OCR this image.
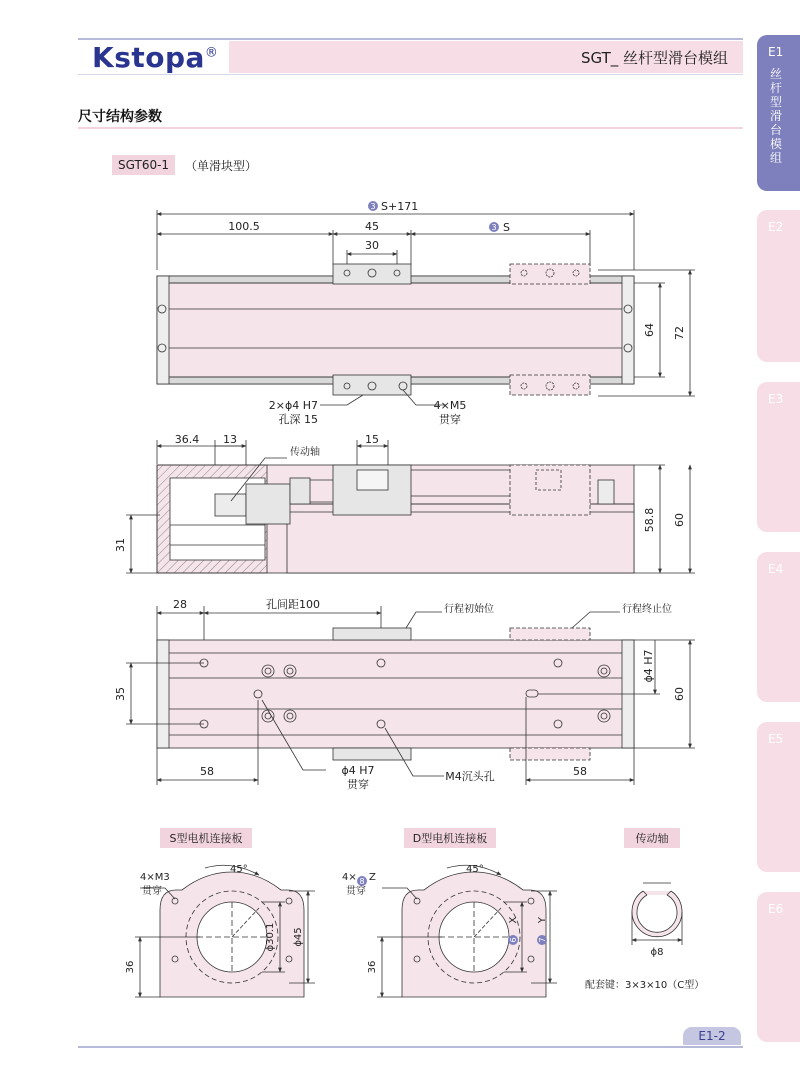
Kstopa®	SGT_ 丝杆型滑台模组
尺寸结构参数
SGT60-1	（单滑块型）
E1
丝杆型滑台模组
E2
E3
E4
E5
E6
3
3
8
6	7
S+171
100.5	45
30
S
64 72
2×ϕ4 H7
孔深 15
4×M5
贯穿
36.4 13
传动轴
15
58.8 60
31
28	孔间距100	行程初始位	行程终止位
ϕ4 H7
60
35
58	58
ϕ4 H7
贯穿
M4沉头孔
4×M3
贯穿
45°
ϕ30.1 ϕ45
36
4× Z
贯穿
45°
X Y
36
ϕ8
配套键：3×3×10（C型）
S型电机连接板	D型电机连接板	传动轴
E1-2
